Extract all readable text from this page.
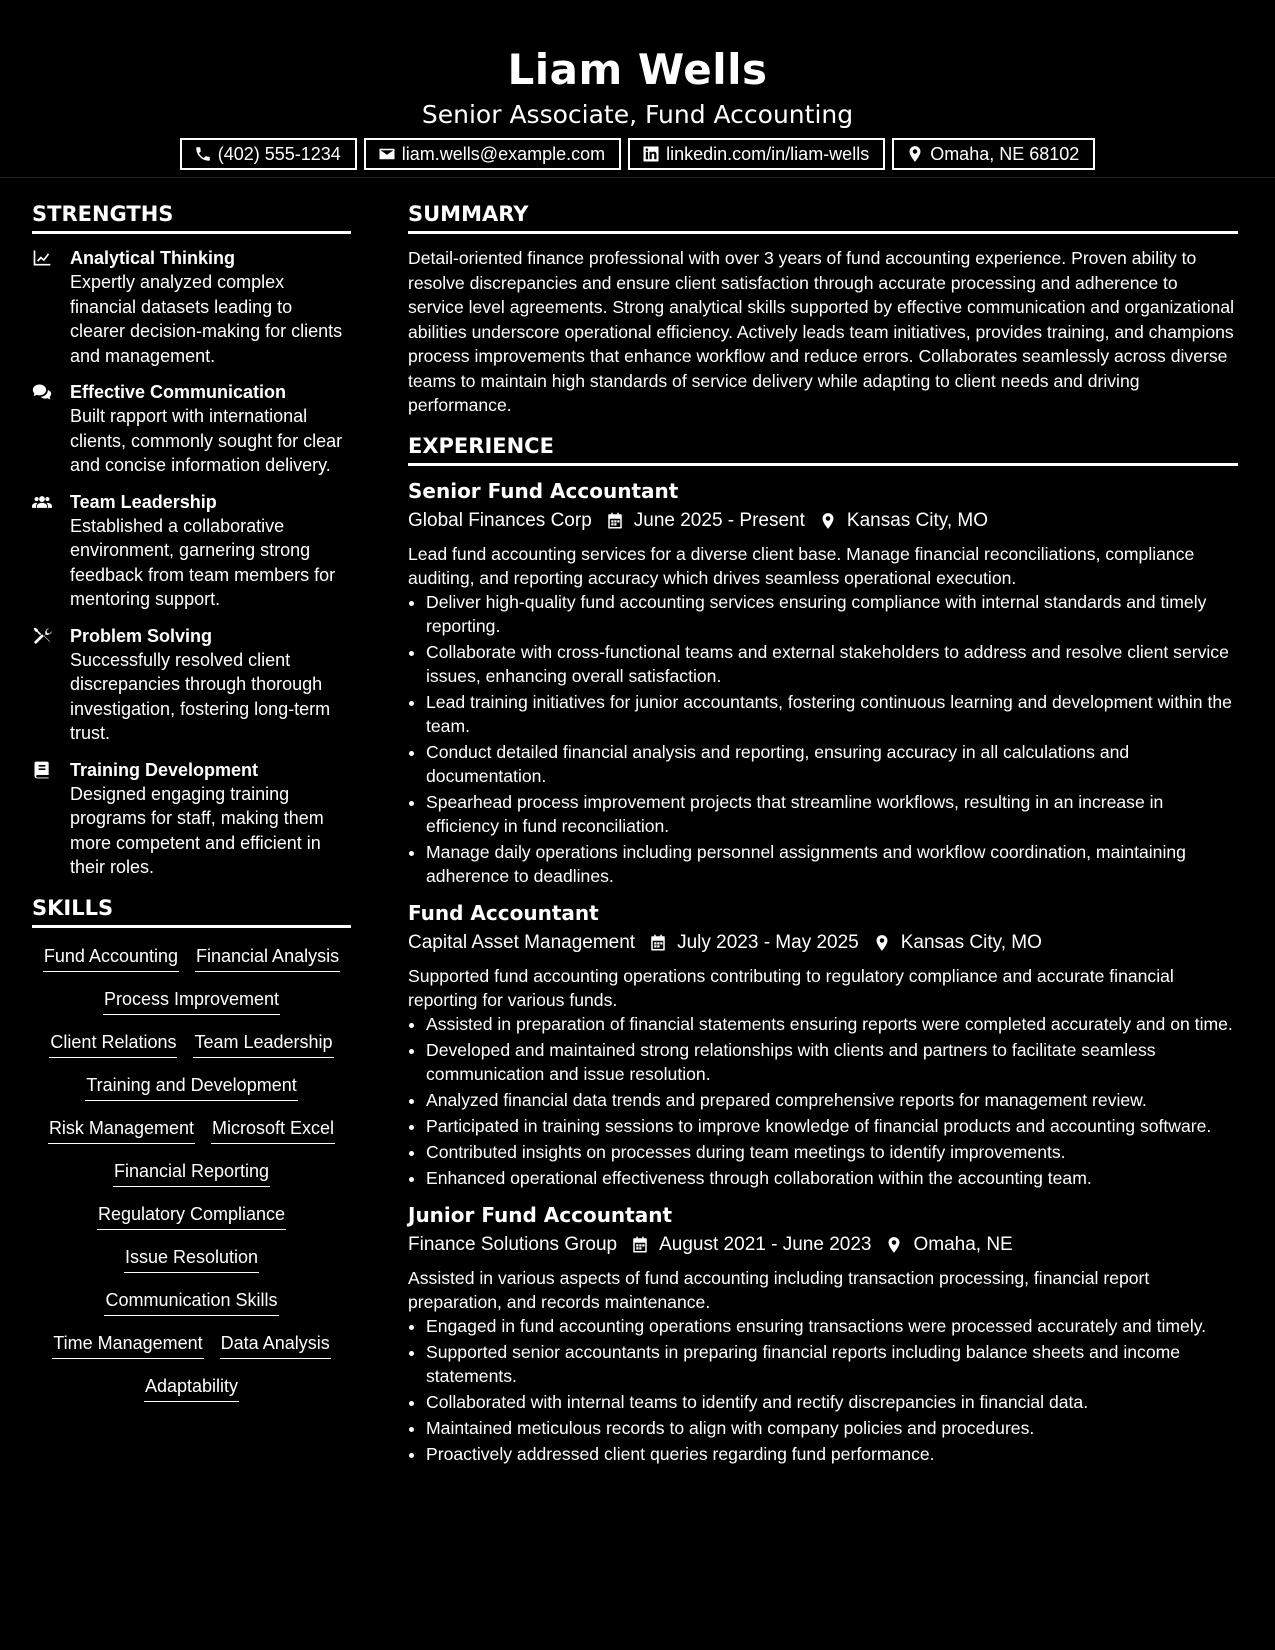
Liam Wells
Senior Associate, Fund Accounting
(402) 555-1234	liam.wells@example.com	linkedin.com/in/liam-wells	Omaha, NE 68102
STRENGTHS
Analytical Thinking
Expertly analyzed complex financial datasets leading to clearer decision-making for clients and management.
Effective Communication
Built rapport with international clients, commonly sought for clear and concise information delivery.
Team Leadership
Established a collaborative environment, garnering strong feedback from team members for mentoring support.
Problem Solving
Successfully resolved client discrepancies through thorough investigation, fostering long-term trust.
Training Development
Designed engaging training programs for staff, making them more competent and efficient in their roles.
SKILLS
Fund Accounting Financial Analysis
Process Improvement
Client Relations Team Leadership
Training and Development
Risk Management Microsoft Excel
Financial Reporting
Regulatory Compliance
Issue Resolution
Communication Skills
Time Management Data Analysis
Adaptability
SUMMARY

Detail-oriented finance professional with over 3 years of fund accounting experience. Proven ability to resolve discrepancies and ensure client satisfaction through accurate processing and adherence to service level agreements. Strong analytical skills supported by effective communication and organizational abilities underscore operational efficiency. Actively leads team initiatives, provides training, and champions process improvements that enhance workflow and reduce errors. Collaborates seamlessly across diverse teams to maintain high standards of service delivery while adapting to client needs and driving performance.

EXPERIENCE
Senior Fund Accountant
Global Finances Corp June 2025 - Present Kansas City, MO
Lead fund accounting services for a diverse client base. Manage financial reconciliations, compliance auditing, and reporting accuracy which drives seamless operational execution.
• Deliver high-quality fund accounting services ensuring compliance with internal standards and timely reporting.
• Collaborate with cross-functional teams and external stakeholders to address and resolve client service issues, enhancing overall satisfaction.
• Lead training initiatives for junior accountants, fostering continuous learning and development within the team.
• Conduct detailed financial analysis and reporting, ensuring accuracy in all calculations and documentation.
• Spearhead process improvement projects that streamline workflows, resulting in an increase in efficiency in fund reconciliation.
• Manage daily operations including personnel assignments and workflow coordination, maintaining adherence to deadlines.
Fund Accountant
Capital Asset Management July 2023 - May 2025 Kansas City, MO
Supported fund accounting operations contributing to regulatory compliance and accurate financial reporting for various funds.
• Assisted in preparation of financial statements ensuring reports were completed accurately and on time.
• Developed and maintained strong relationships with clients and partners to facilitate seamless communication and issue resolution.
• Analyzed financial data trends and prepared comprehensive reports for management review.
• Participated in training sessions to improve knowledge of financial products and accounting software.
• Contributed insights on processes during team meetings to identify improvements.
• Enhanced operational effectiveness through collaboration within the accounting team.
Junior Fund Accountant
Finance Solutions Group August 2021 - June 2023 Omaha, NE
Assisted in various aspects of fund accounting including transaction processing, financial report preparation, and records maintenance.
• Engaged in fund accounting operations ensuring transactions were processed accurately and timely.
• Supported senior accountants in preparing financial reports including balance sheets and income statements.
• Collaborated with internal teams to identify and rectify discrepancies in financial data.
• Maintained meticulous records to align with company policies and procedures.
• Proactively addressed client queries regarding fund performance.
